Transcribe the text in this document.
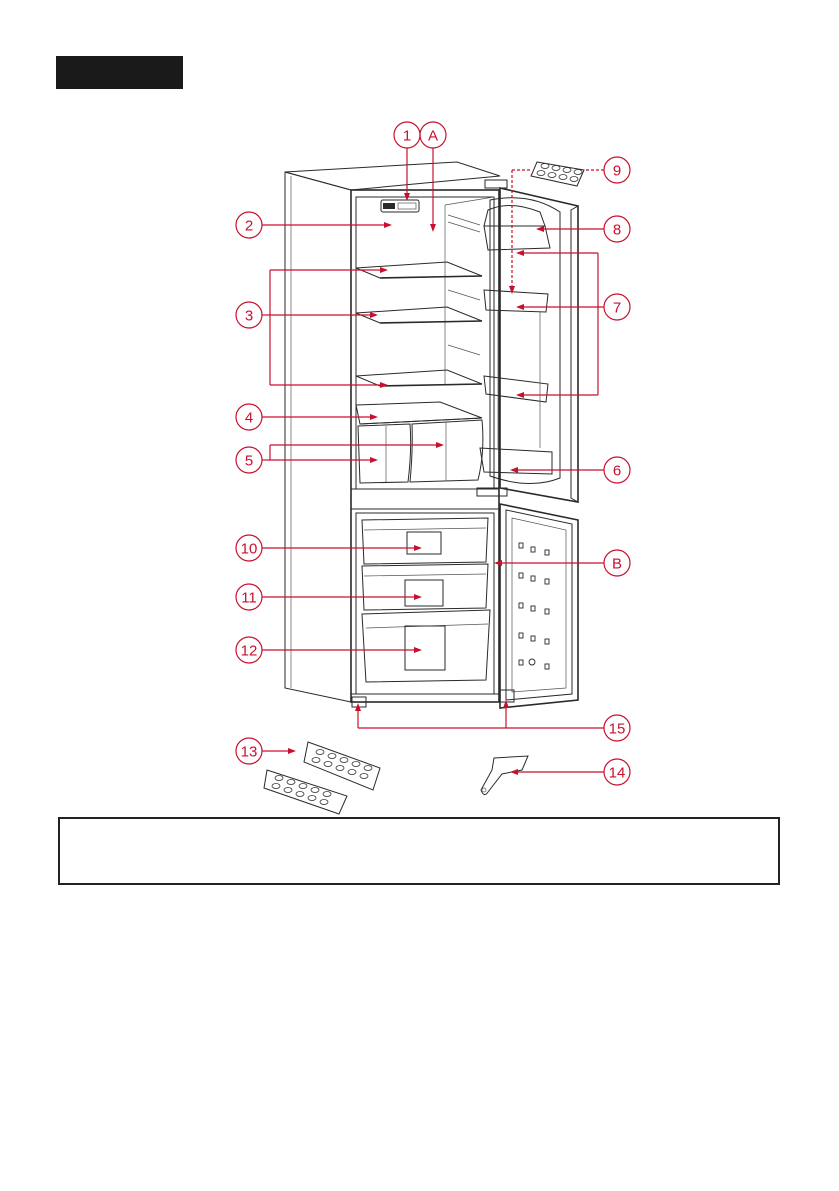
1 A
2
3
4
5
6
7
8
9
10
B
11
12
13
14
15
